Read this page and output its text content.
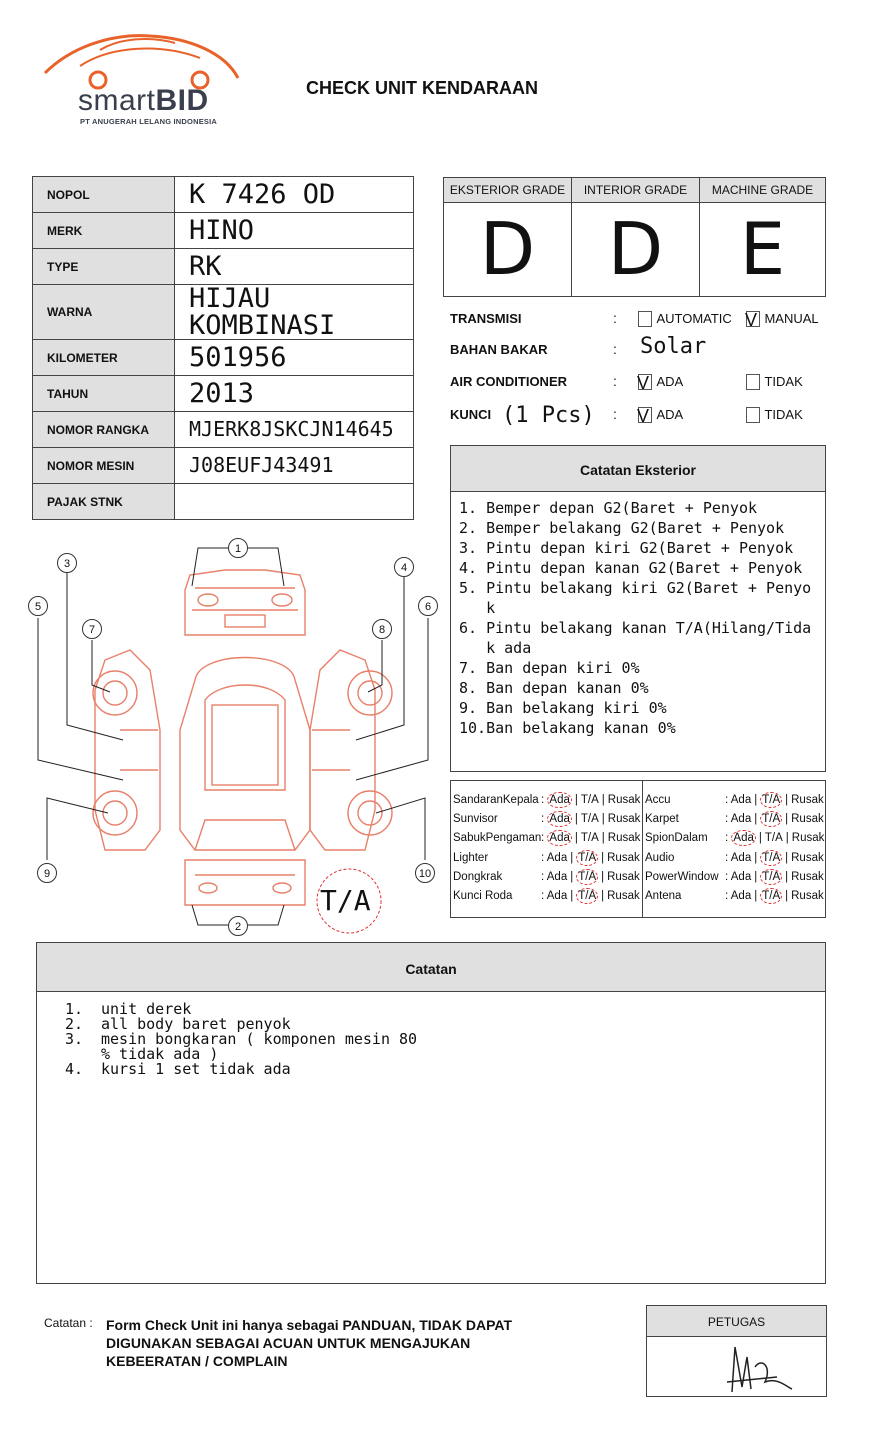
smartBID
PT ANUGERAH LELANG INDONESIA
CHECK UNIT KENDARAAN
NOPOL	K 7426 OD
MERK	HINO
TYPE	RK
WARNA	HIJAU KOMBINASI
KILOMETER	501956
TAHUN	2013
NOMOR RANGKA	MJERK8JSKCJN14645
NOMOR MESIN	J08EUFJ43491
PAJAK STNK	
EKSTERIOR GRADE
D
INTERIOR GRADE
D
MACHINE GRADE
E
TRANSMISI	:	AUTOMATIC V MANUAL
BAHAN BAKAR	: Solar
AIR CONDITIONER	: V ADA	TIDAK
KUNCI (1 Pcs) : V ADA	TIDAK
Catatan Eksterior
1. Bemper depan G2(Baret + Penyok
2. Bemper belakang G2(Baret + Penyok
3. Pintu depan kiri G2(Baret + Penyok
4. Pintu depan kanan G2(Baret + Penyok
5. Pintu belakang kiri G2(Baret + Penyo
k
6. Pintu belakang kanan T/A(Hilang/Tida
k ada
7. Ban depan kiri 0%
8. Ban depan kanan 0%
9. Ban belakang kiri 0%
10.Ban belakang kanan 0%
T/A
1
2
3	4
5	6
7	8
9	10
SandaranKepala : Ada | T/A | Rusak
Sunvisor	: Ada | T/A | Rusak
SabukPengaman: Ada | T/A | Rusak
Lighter	: Ada | T/A | Rusak
Dongkrak	: Ada | T/A | Rusak
Kunci Roda : Ada | T/A | Rusak
Accu	: Ada | T/A | Rusak
Karpet	: Ada | T/A | Rusak
SpionDalam : Ada | T/A | Rusak
Audio	: Ada | T/A | Rusak
PowerWindow : Ada | T/A | Rusak
Antena	: Ada | T/A | Rusak
Catatan
1.	unit derek
2.	all body baret penyok
3.	mesin bongkaran ( komponen mesin 80
% tidak ada )
4.	kursi 1 set tidak ada
Catatan : Form Check Unit ini hanya sebagai PANDUAN, TIDAK DAPAT DIGUNAKAN SEBAGAI ACUAN UNTUK MENGAJUKAN KEBEERATAN / COMPLAIN
PETUGAS
